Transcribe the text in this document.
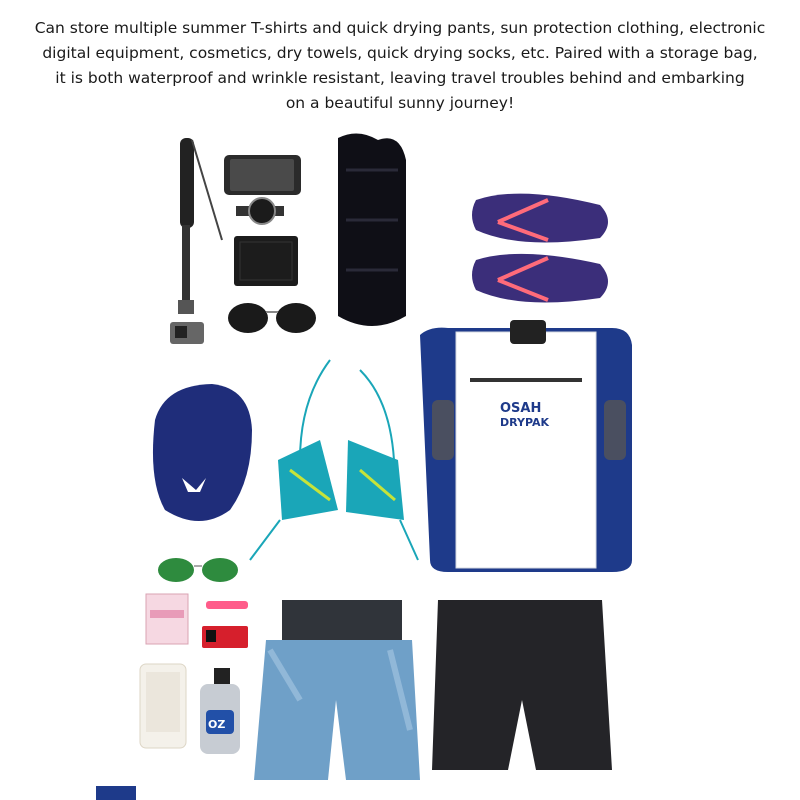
Can store multiple summer T-shirts and quick drying pants, sun protection clothing, electronic
digital equipment, cosmetics, dry towels, quick drying socks, etc. Paired with a storage bag,
it is both waterproof and wrinkle resistant, leaving travel troubles behind and embarking
on a beautiful sunny journey!
OSAH
DRYPAK
OZ
